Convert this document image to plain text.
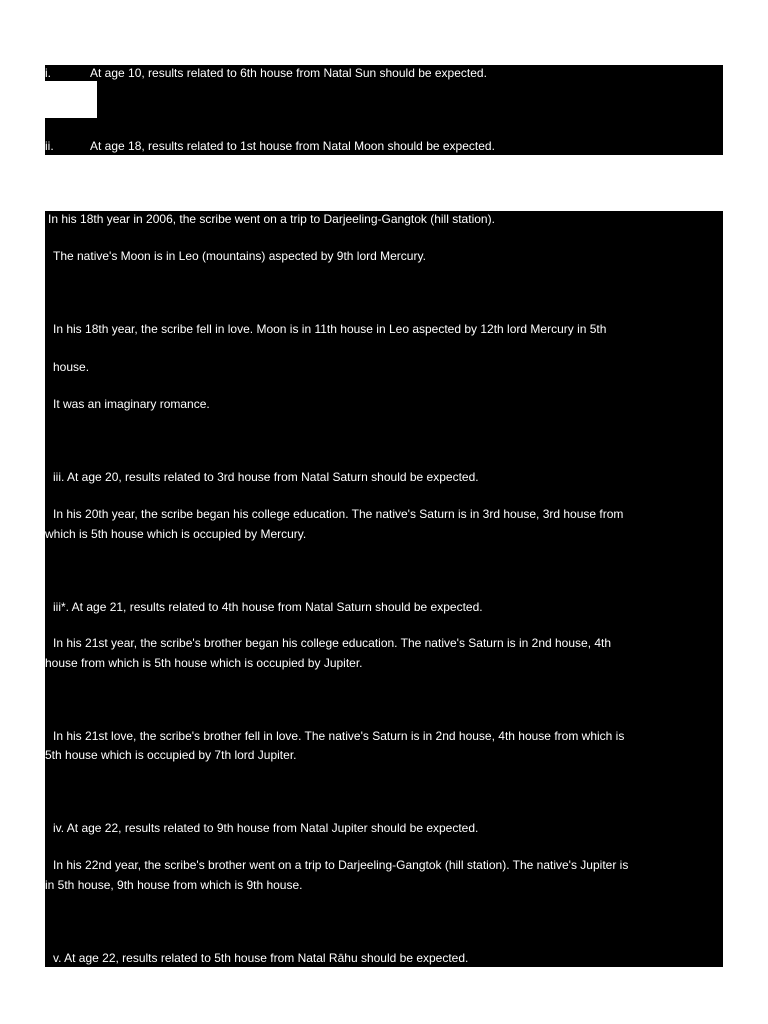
i.	At age 10, results related to 6th house from Natal Sun should be expected.
ii.	At age 18, results related to 1st house from Natal Moon should be expected.
In his 18th year in 2006, the scribe went on a trip to Darjeeling-Gangtok (hill station).
The native's Moon is in Leo (mountains) aspected by 9th lord Mercury.
In his 18th year, the scribe fell in love. Moon is in 11th house in Leo aspected by 12th lord Mercury in 5th
house.
It was an imaginary romance.
iii. At age 20, results related to 3rd house from Natal Saturn should be expected.
In his 20th year, the scribe began his college education. The native's Saturn is in 3rd house, 3rd house from
which is 5th house which is occupied by Mercury.
iii*. At age 21, results related to 4th house from Natal Saturn should be expected.
In his 21st year, the scribe's brother began his college education. The native's Saturn is in 2nd house, 4th
house from which is 5th house which is occupied by Jupiter.
In his 21st love, the scribe's brother fell in love. The native's Saturn is in 2nd house, 4th house from which is
5th house which is occupied by 7th lord Jupiter.
iv. At age 22, results related to 9th house from Natal Jupiter should be expected.
In his 22nd year, the scribe's brother went on a trip to Darjeeling-Gangtok (hill station). The native's Jupiter is
in 5th house, 9th house from which is 9th house.
v. At age 22, results related to 5th house from Natal Rāhu should be expected.
